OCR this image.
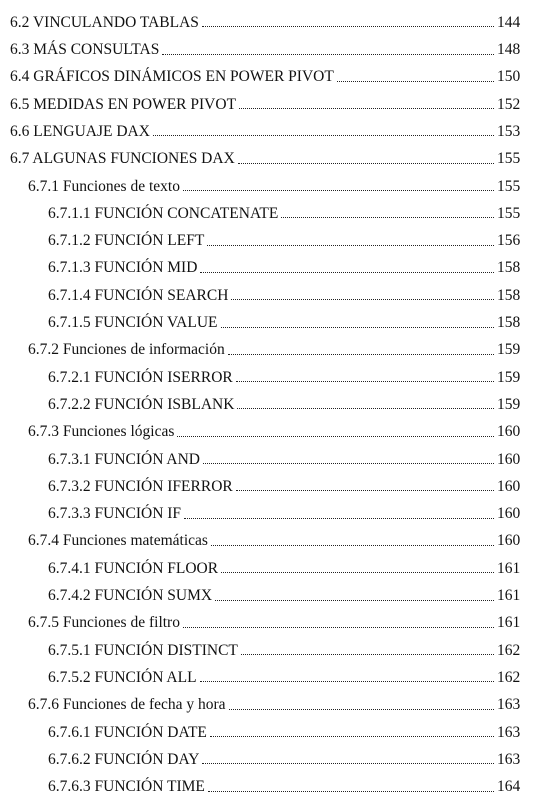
6.2 VINCULANDO TABLAS	144
6.3 MÁS CONSULTAS	148
6.4 GRÁFICOS DINÁMICOS EN POWER PIVOT	150
6.5 MEDIDAS EN POWER PIVOT	152
6.6 LENGUAJE DAX	153
6.7 ALGUNAS FUNCIONES DAX	155
6.7.1 Funciones de texto	155
6.7.1.1 FUNCIÓN CONCATENATE	155
6.7.1.2 FUNCIÓN LEFT	156
6.7.1.3 FUNCIÓN MID	158
6.7.1.4 FUNCIÓN SEARCH	158
6.7.1.5 FUNCIÓN VALUE	158
6.7.2 Funciones de información	159
6.7.2.1 FUNCIÓN ISERROR	159
6.7.2.2 FUNCIÓN ISBLANK	159
6.7.3 Funciones lógicas	160
6.7.3.1 FUNCIÓN AND	160
6.7.3.2 FUNCIÓN IFERROR	160
6.7.3.3 FUNCIÓN IF	160
6.7.4 Funciones matemáticas	160
6.7.4.1 FUNCIÓN FLOOR	161
6.7.4.2 FUNCIÓN SUMX	161
6.7.5 Funciones de filtro	161
6.7.5.1 FUNCIÓN DISTINCT	162
6.7.5.2 FUNCIÓN ALL	162
6.7.6 Funciones de fecha y hora	163
6.7.6.1 FUNCIÓN DATE	163
6.7.6.2 FUNCIÓN DAY	163
6.7.6.3 FUNCIÓN TIME	164
